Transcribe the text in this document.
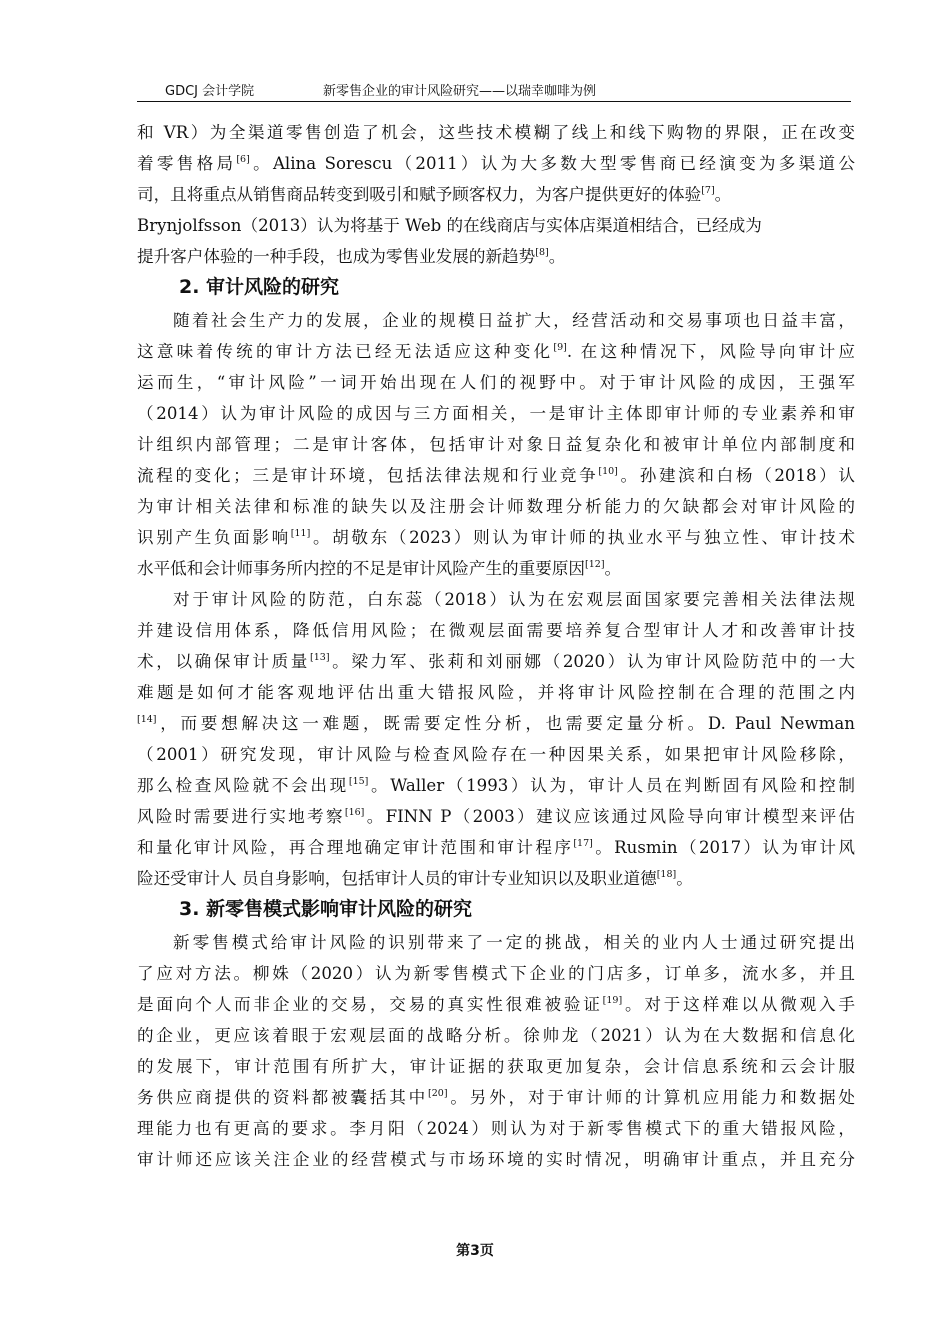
GDCJ 会计学院	新零售企业的审计风险研究——以瑞幸咖啡为例
和 VR）为全渠道零售创造了机会，这些技术模糊了线上和线下购物的界限，正在改变
着零售格局[6]。Alina Sorescu（2011）认为大多数大型零售商已经演变为多渠道公
司，且将重点从销售商品转变到吸引和赋予顾客权力，为客户提供更好的体验[7]。
Brynjolfsson（2013）认为将基于 Web 的在线商店与实体店渠道相结合，已经成为
提升客户体验的一种手段，也成为零售业发展的新趋势[8]。
2. 审计风险的研究
随着社会生产力的发展，企业的规模日益扩大，经营活动和交易事项也日益丰富，
这意味着传统的审计方法已经无法适应这种变化[9]. 在这种情况下，风险导向审计应
运而生，“审计风险”一词开始出现在人们的视野中。对于审计风险的成因，王强军
（2014）认为审计风险的成因与三方面相关，一是审计主体即审计师的专业素养和审
计组织内部管理；二是审计客体，包括审计对象日益复杂化和被审计单位内部制度和
流程的变化；三是审计环境，包括法律法规和行业竞争[10]。孙建滨和白杨（2018）认
为审计相关法律和标准的缺失以及注册会计师数理分析能力的欠缺都会对审计风险的
识别产生负面影响[11]。胡敬东（2023）则认为审计师的执业水平与独立性、审计技术
水平低和会计师事务所内控的不足是审计风险产生的重要原因[12]。
对于审计风险的防范，白东蕊（2018）认为在宏观层面国家要完善相关法律法规
并建设信用体系，降低信用风险；在微观层面需要培养复合型审计人才和改善审计技
术，以确保审计质量[13]。梁力军、张莉和刘丽娜（2020）认为审计风险防范中的一大
难题是如何才能客观地评估出重大错报风险，并将审计风险控制在合理的范围之内
[14]，而要想解决这一难题，既需要定性分析，也需要定量分析。D. Paul Newman
（2001）研究发现，审计风险与检查风险存在一种因果关系，如果把审计风险移除，
那么检查风险就不会出现[15]。Waller（1993）认为，审计人员在判断固有风险和控制
风险时需要进行实地考察[16]。FINN P（2003）建议应该通过风险导向审计模型来评估
和量化审计风险，再合理地确定审计范围和审计程序[17]。Rusmin（2017）认为审计风
险还受审计人 员自身影响，包括审计人员的审计专业知识以及职业道德[18]。
3. 新零售模式影响审计风险的研究
新零售模式给审计风险的识别带来了一定的挑战，相关的业内人士通过研究提出
了应对方法。柳姝（2020）认为新零售模式下企业的门店多，订单多，流水多，并且
是面向个人而非企业的交易，交易的真实性很难被验证[19]。对于这样难以从微观入手
的企业，更应该着眼于宏观层面的战略分析。徐帅龙（2021）认为在大数据和信息化
的发展下，审计范围有所扩大，审计证据的获取更加复杂，会计信息系统和云会计服
务供应商提供的资料都被囊括其中[20]。另外，对于审计师的计算机应用能力和数据处
理能力也有更高的要求。李月阳（2024）则认为对于新零售模式下的重大错报风险，
审计师还应该关注企业的经营模式与市场环境的实时情况，明确审计重点，并且充分
第3页
